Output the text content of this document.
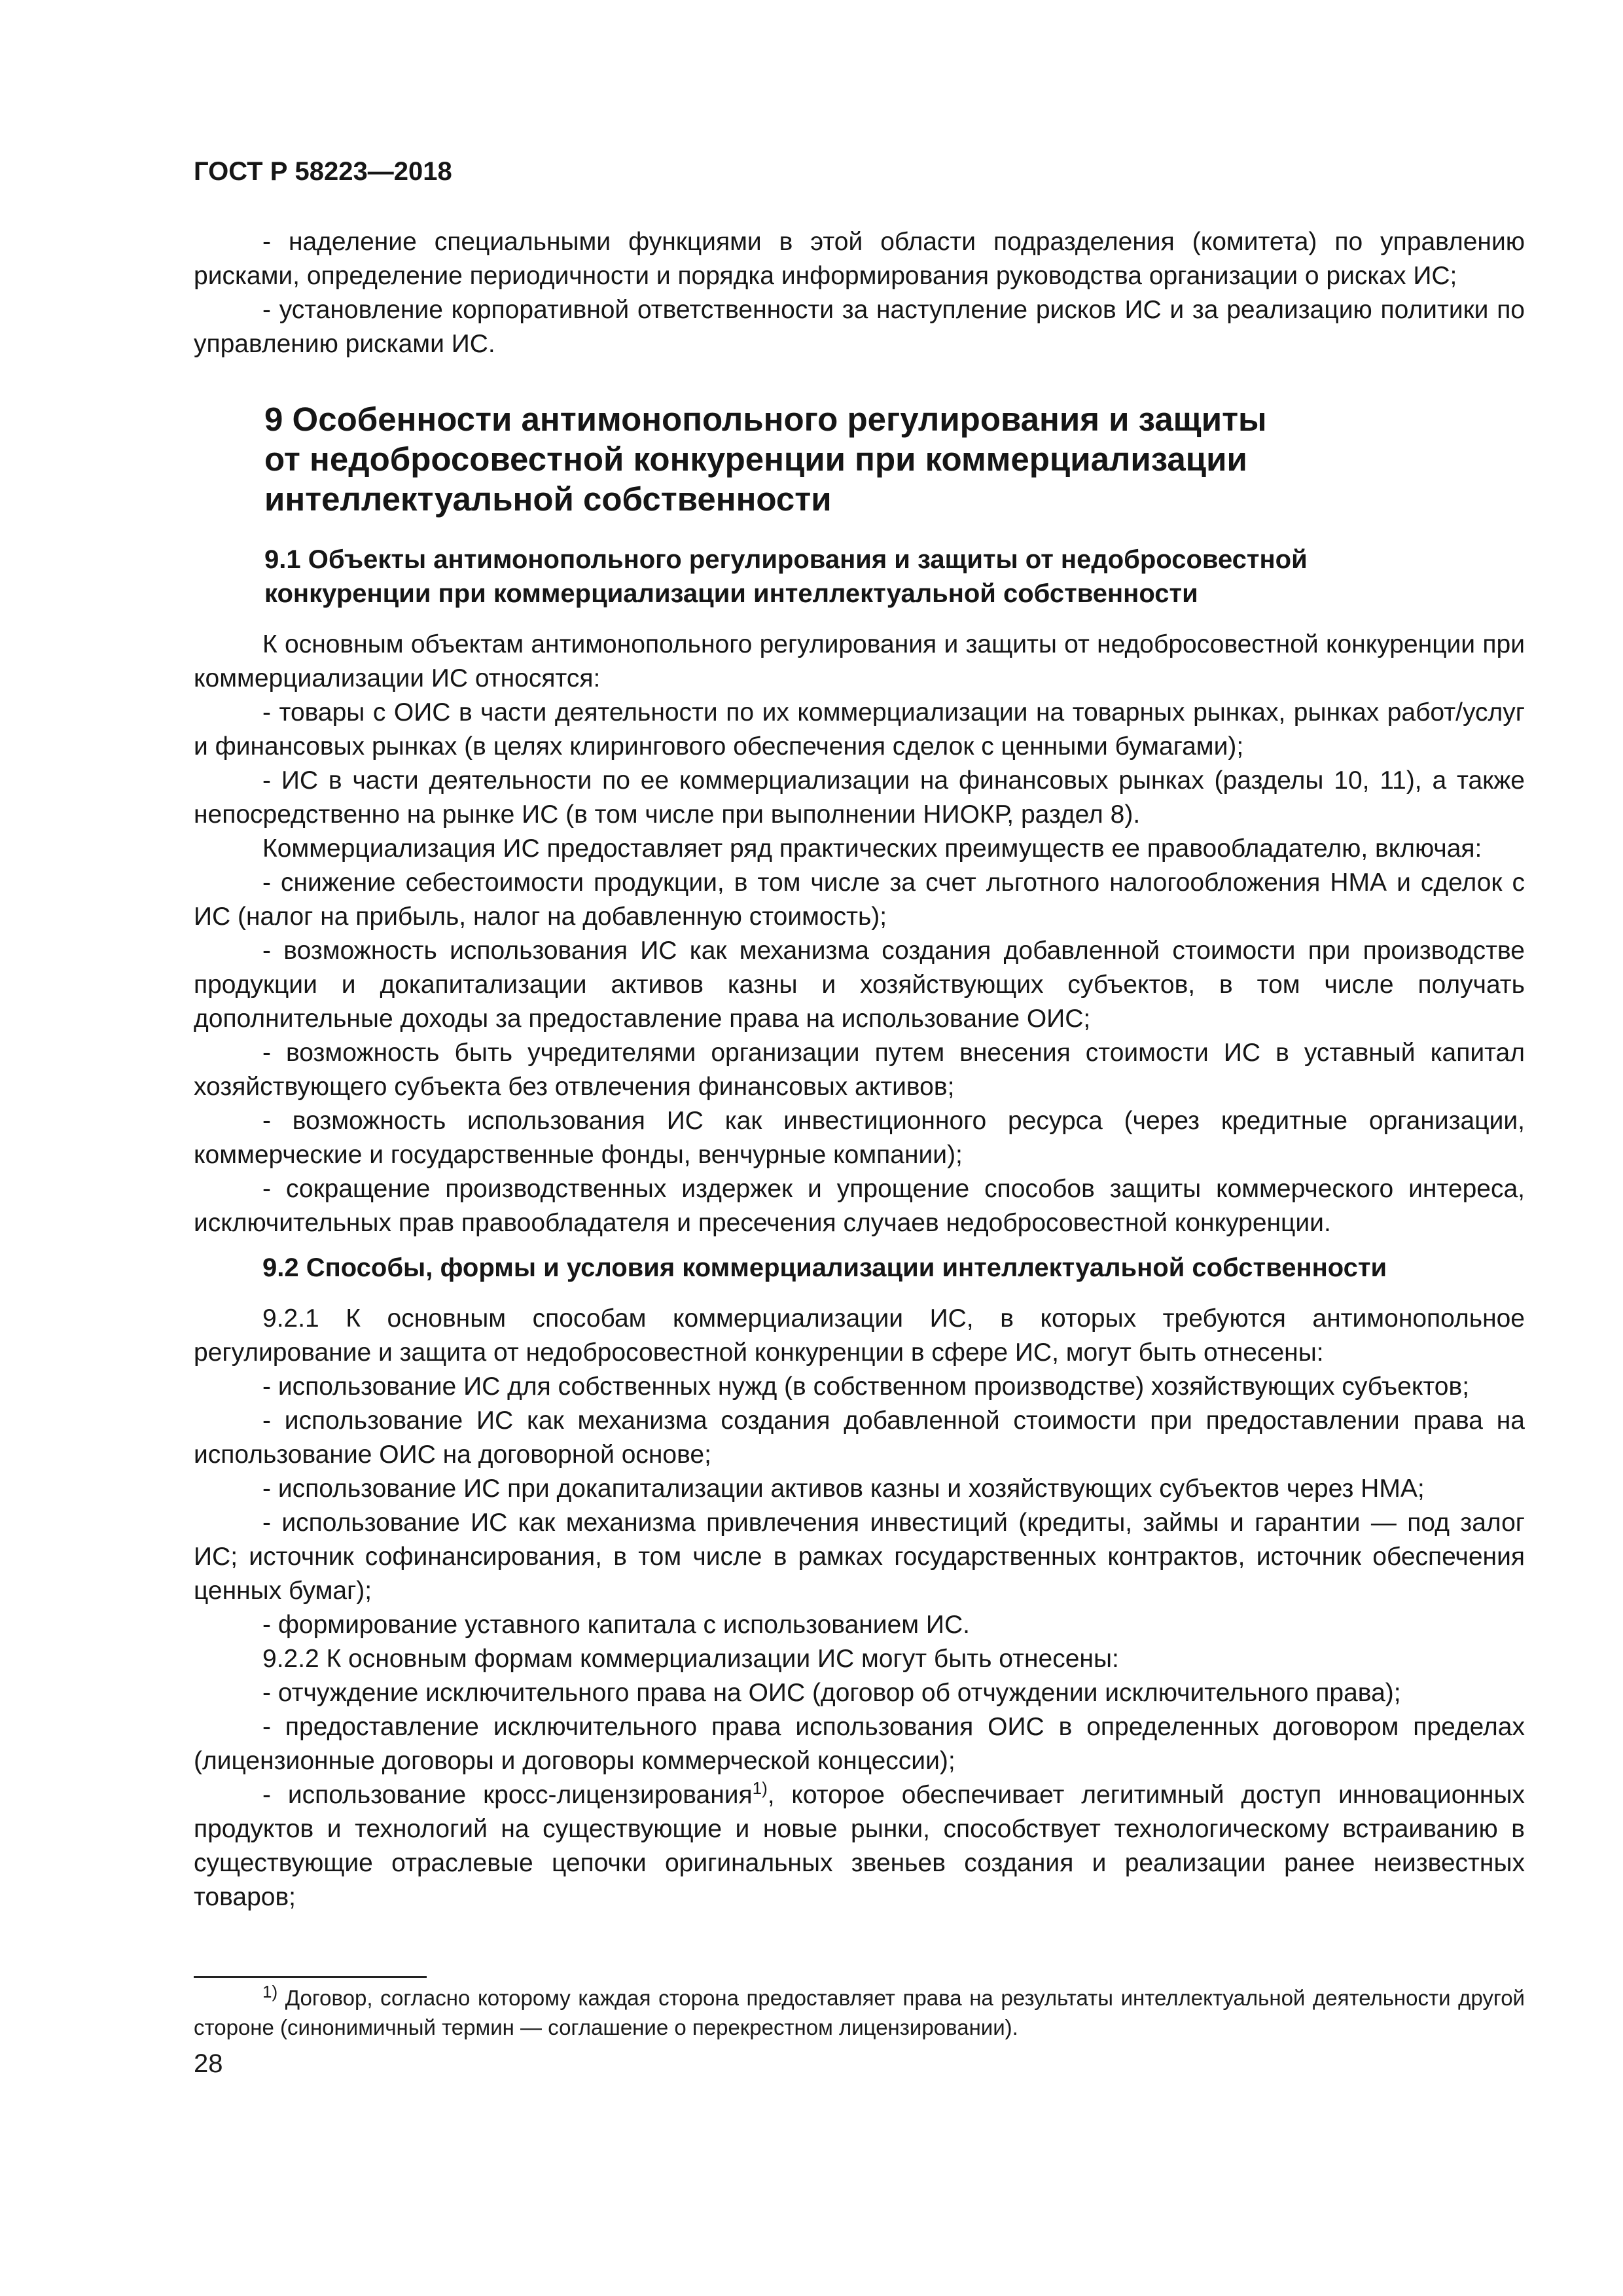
ГОСТ Р 58223—2018

- наделение специальными функциями в этой области подразделения (комитета) по управлению рисками, определение периодичности и порядка информирования руководства организации о рисках ИС;

- установление корпоративной ответственности за наступление рисков ИС и за реализацию политики по управлению рисками ИС.

9 Особенности антимонопольного регулирования и защиты
от недобросовестной конкуренции при коммерциализации
интеллектуальной собственности
9.1 Объекты антимонопольного регулирования и защиты от недобросовестной
конкуренции при коммерциализации интеллектуальной собственности

К основным объектам антимонопольного регулирования и защиты от недобросовестной конкуренции при коммерциализации ИС относятся:

- товары с ОИС в части деятельности по их коммерциализации на товарных рынках, рынках работ/услуг и финансовых рынках (в целях клирингового обеспечения сделок с ценными бумагами);

- ИС в части деятельности по ее коммерциализации на финансовых рынках (разделы 10, 11), а также непосредственно на рынке ИС (в том числе при выполнении НИОКР, раздел 8).

Коммерциализация ИС предоставляет ряд практических преимуществ ее правообладателю, включая:

- снижение себестоимости продукции, в том числе за счет льготного налогообложения НМА и сделок с ИС (налог на прибыль, налог на добавленную стоимость);

- возможность использования ИС как механизма создания добавленной стоимости при производстве продукции и докапитализации активов казны и хозяйствующих субъектов, в том числе получать дополнительные доходы за предоставление права на использование ОИС;

- возможность быть учредителями организации путем внесения стоимости ИС в уставный капитал хозяйствующего субъекта без отвлечения финансовых активов;

- возможность использования ИС как инвестиционного ресурса (через кредитные организации, коммерческие и государственные фонды, венчурные компании);

- сокращение производственных издержек и упрощение способов защиты коммерческого интереса, исключительных прав правообладателя и пресечения случаев недобросовестной конкуренции.

9.2 Способы, формы и условия коммерциализации интеллектуальной собственности

9.2.1 К основным способам коммерциализации ИС, в которых требуются антимонопольное регулирование и защита от недобросовестной конкуренции в сфере ИС, могут быть отнесены:

- использование ИС для собственных нужд (в собственном производстве) хозяйствующих субъектов;

- использование ИС как механизма создания добавленной стоимости при предоставлении права на использование ОИС на договорной основе;

- использование ИС при докапитализации активов казны и хозяйствующих субъектов через НМА;

- использование ИС как механизма привлечения инвестиций (кредиты, займы и гарантии — под залог ИС; источник софинансирования, в том числе в рамках государственных контрактов, источник обеспечения ценных бумаг);

- формирование уставного капитала с использованием ИС.

9.2.2 К основным формам коммерциализации ИС могут быть отнесены:

- отчуждение исключительного права на ОИС (договор об отчуждении исключительного права);

- предоставление исключительного права использования ОИС в определенных договором пределах (лицензионные договоры и договоры коммерческой концессии);

- использование кросс-лицензирования$^{1)}$, которое обеспечивает легитимный доступ инновационных продуктов и технологий на существующие и новые рынки, способствует технологическому встраиванию в существующие отраслевые цепочки оригинальных звеньев создания и реализации ранее неизвестных товаров;

$^{1)}$ Договор, согласно которому каждая сторона предоставляет права на результаты интеллектуальной деятельности другой стороне (синонимичный термин — соглашение о перекрестном лицензировании).
28
